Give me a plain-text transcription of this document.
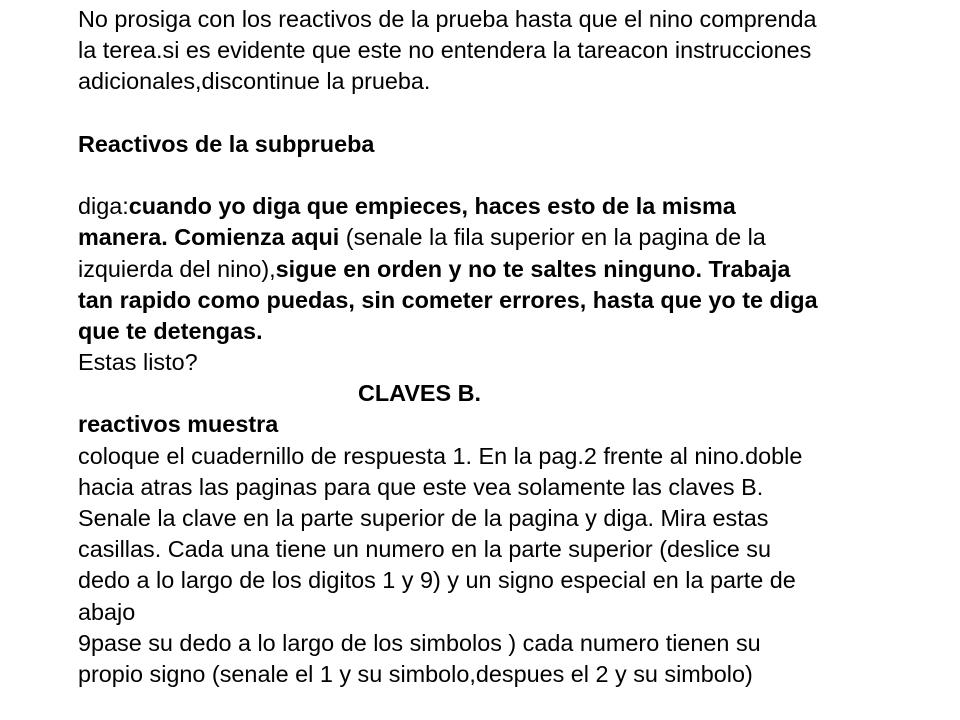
No prosiga con los reactivos de la prueba hasta que el nino comprenda
la terea.si es evidente que este no entendera la tareacon instrucciones
adicionales,discontinue la prueba.
Reactivos de la subprueba
diga:cuando yo diga que empieces, haces esto de la misma
manera. Comienza aqui (senale la fila superior en la pagina de la
izquierda del nino),sigue en orden y no te saltes ninguno. Trabaja
tan rapido como puedas, sin cometer errores, hasta que yo te diga
que te detengas.
Estas listo?
CLAVES B.
reactivos muestra
coloque el cuadernillo de respuesta 1. En la pag.2 frente al nino.doble
hacia atras las paginas para que este vea solamente las claves B.
Senale la clave en la parte superior de la pagina y diga. Mira estas
casillas. Cada una tiene un numero en la parte superior (deslice su
dedo a lo largo de los digitos 1 y 9) y un signo especial en la parte de
abajo
9pase su dedo a lo largo de los simbolos ) cada numero tienen su
propio signo (senale el 1 y su simbolo,despues el 2 y su simbolo)
